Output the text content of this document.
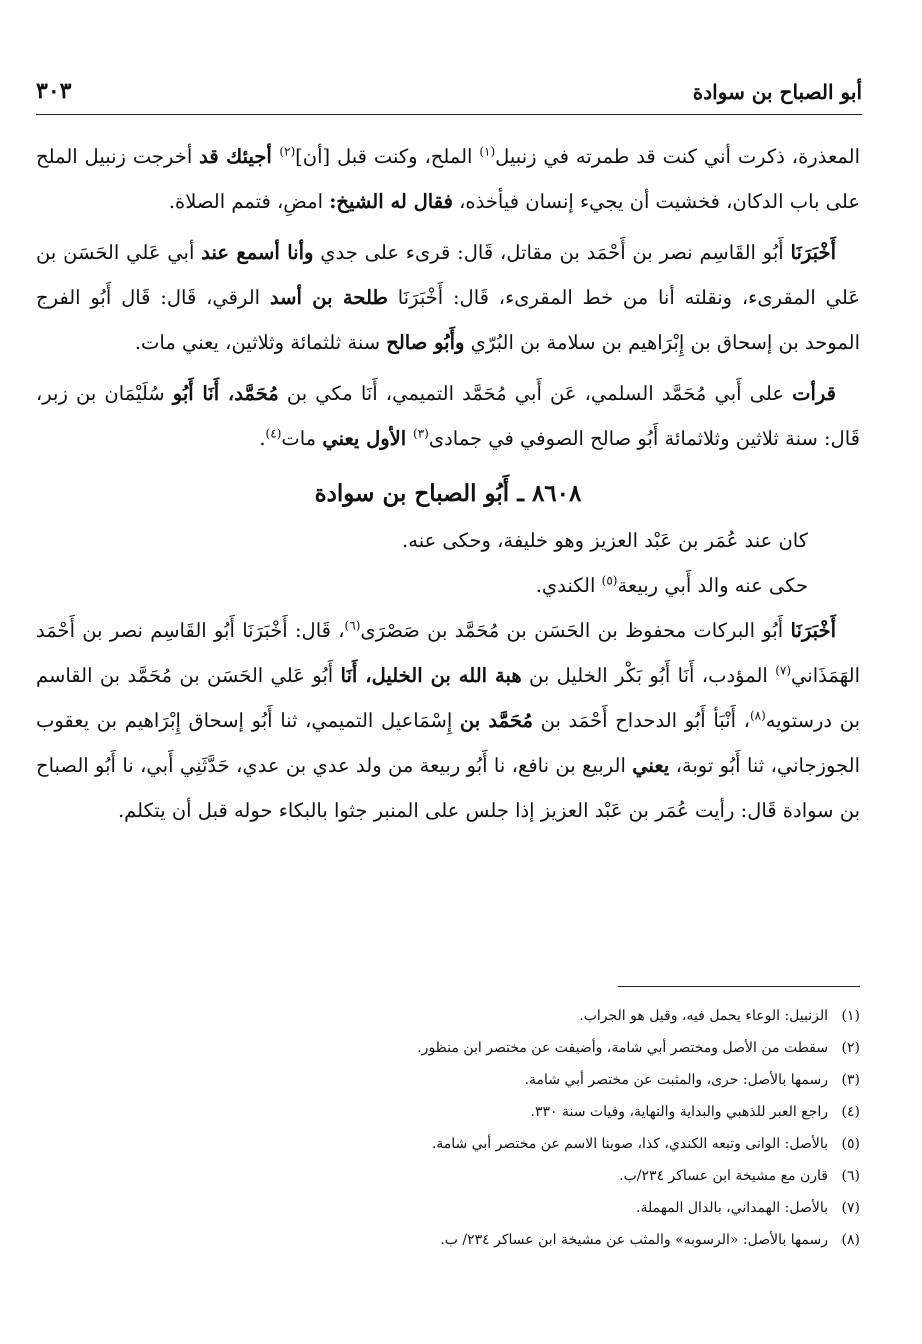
أبو الصباح بن سوادة
٣٠٣

المعذرة، ذكرت أني كنت قد طمرته في زنبيل$^{(١)}$ الملح، وكنت قبل [أن]$^{(٢)}$ أجيئك قد أخرجت زنبيل الملح على باب الدكان، فخشيت أن يجيء إنسان فيأخذه، فقال له الشيخ: امضِ، فتمم الصلاة.

أَخْبَرَنَا أَبُو القَاسِم نصر بن أَحْمَد بن مقاتل، قَال: قرىء على جدي وأنا أسمع عند أبي عَلي الحَسَن بن عَلي المقرىء، ونقلته أنا من خط المقرىء، قَال: أَخْبَرَنَا طلحة بن أسد الرقي، قَال: قَال أَبُو الفرج الموحد بن إسحاق بن إِبْرَاهيم بن سلامة بن البُرّي وأَبُو صالح سنة ثلثمائة وثلاثين، يعني مات.

قرأت على أَبي مُحَمَّد السلمي، عَن أَبي مُحَمَّد التميمي، أَنَا مكي بن مُحَمَّد، أَنَا أَبُو سُلَيْمَان بن زبر، قَال: سنة ثلاثين وثلاثمائة أَبُو صالح الصوفي في جمادى$^{(٣)}$ الأول يعني مات$^{(٤)}$.

٨٦٠٨ ـ أَبُو الصباح بن سوادة

كان عند عُمَر بن عَبْد العزيز وهو خليفة، وحكى عنه.

حكى عنه والد أَبي ربيعة$^{(٥)}$ الكندي.

أَخْبَرَنَا أَبُو البركات محفوظ بن الحَسَن بن مُحَمَّد بن صَصْرَى$^{(٦)}$، قَال: أَخْبَرَنَا أَبُو القَاسِم نصر بن أَحْمَد الهَمَذَاني$^{(٧)}$ المؤدب، أَنَا أَبُو بَكْر الخليل بن هبة الله بن الخليل، أَنَا أَبُو عَلي الحَسَن بن مُحَمَّد بن القاسم بن درستويه$^{(٨)}$، أَنْبَأ أَبُو الدحداح أَحْمَد بن مُحَمَّد بن إِسْمَاعيل التميمي، ثنا أَبُو إسحاق إِبْرَاهيم بن يعقوب الجوزجاني، ثنا أَبُو توبة، يعني الربيع بن نافع، نا أَبُو ربيعة من ولد عدي بن عدي، حَدَّثَنِي أَبي، نا أَبُو الصباح بن سوادة قَال: رأيت عُمَر بن عَبْد العزيز إذا جلس على المنبر جثوا بالبكاء حوله قبل أن يتكلم.

(١)
الزنبيل: الوعاء يحمل فيه، وقيل هو الجراب.
(٢)
سقطت من الأصل ومختصر أبي شامة، وأضيفت عن مختصر ابن منظور.
(٣)
رسمها بالأصل: حرى، والمثبت عن مختصر أبي شامة.
(٤)
راجع العبر للذهبي والبداية والنهاية، وفيات سنة ٣٣٠.
(٥)
بالأصل: الوانى وتبعه الكندي، كذا، صوبنا الاسم عن مختصر أبي شامة.
(٦)
قارن مع مشيخة ابن عساكر ٢٣٤/ب.
(٧)
بالأصل: الهمداني، بالدال المهملة.
(٨)
رسمها بالأصل: «الرسوبه» والمثب عن مشيخة ابن عساكر ٢٣٤/ ب.
